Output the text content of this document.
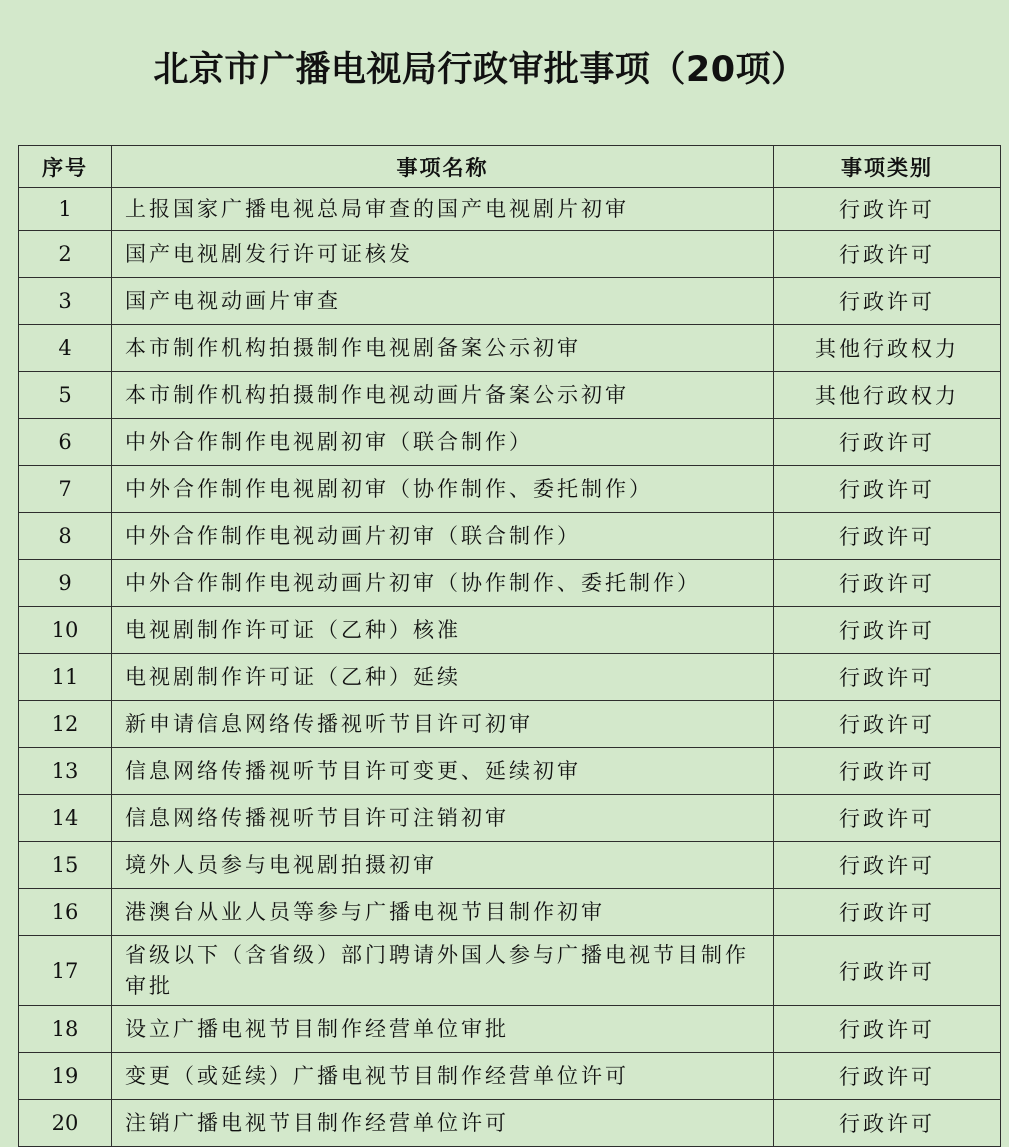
北京市广播电视局行政审批事项（20项）
序号	事项名称	事项类别
1	上报国家广播电视总局审查的国产电视剧片初审	行政许可
2	国产电视剧发行许可证核发	行政许可
3	国产电视动画片审查	行政许可
4	本市制作机构拍摄制作电视剧备案公示初审	其他行政权力
5	本市制作机构拍摄制作电视动画片备案公示初审	其他行政权力
6	中外合作制作电视剧初审（联合制作）	行政许可
7	中外合作制作电视剧初审（协作制作、委托制作）	行政许可
8	中外合作制作电视动画片初审（联合制作）	行政许可
9	中外合作制作电视动画片初审（协作制作、委托制作）	行政许可
10	电视剧制作许可证（乙种）核准	行政许可
11	电视剧制作许可证（乙种）延续	行政许可
12	新申请信息网络传播视听节目许可初审	行政许可
13	信息网络传播视听节目许可变更、延续初审	行政许可
14	信息网络传播视听节目许可注销初审	行政许可
15	境外人员参与电视剧拍摄初审	行政许可
16	港澳台从业人员等参与广播电视节目制作初审	行政许可
17	省级以下（含省级）部门聘请外国人参与广播电视节目制作审批	行政许可
18	设立广播电视节目制作经营单位审批	行政许可
19	变更（或延续）广播电视节目制作经营单位许可	行政许可
20	注销广播电视节目制作经营单位许可	行政许可
